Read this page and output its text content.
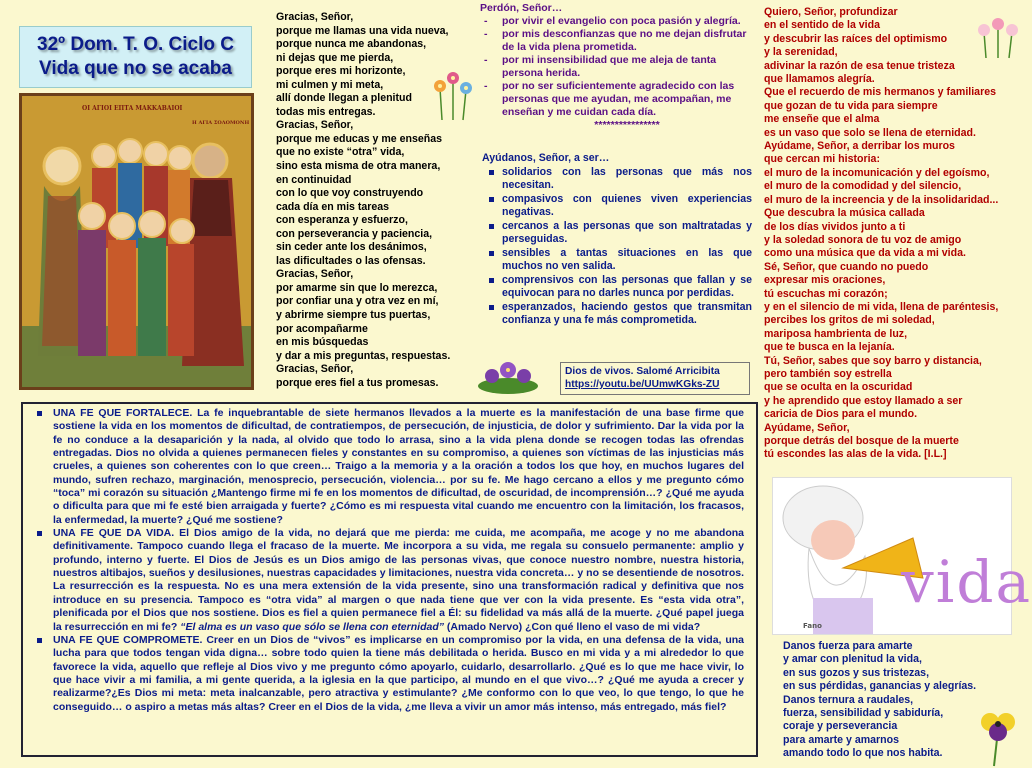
32º Dom. T. O. Ciclo C
Vida que no se acaba
ΟΙ ΑΓΙΟΙ ΕΠΤΑ ΜΑΚΚΑΒΑΙΟΙ
Η ΑΓΙΑ ΣΟΛΟΜΟΝΗ
Gracias, Señor,
porque me llamas una vida nueva,
porque nunca me abandonas,
ni dejas que me pierda,
porque eres mi horizonte,
mi culmen y mi meta,
allí donde llegan a plenitud
todas mis entregas.
Gracias, Señor,
porque me educas y me enseñas
que no existe “otra” vida,
sino esta misma de otra manera,
en continuidad
con lo que voy construyendo
cada día en mis tareas
con esperanza y esfuerzo,
con perseverancia y paciencia,
sin ceder ante los desánimos,
las dificultades o las ofensas.
Gracias, Señor,
por amarme sin que lo merezca,
por confiar una y otra vez en mí,
y abrirme siempre tus puertas,
por acompañarme
en mis búsquedas
y dar a mis preguntas, respuestas.
Gracias, Señor,
porque eres fiel a tus promesas.
Perdón, Señor…
- por vivir el evangelio con poca pasión y alegría.
- por mis desconfianzas que no me dejan disfrutar de la vida plena prometida.
- por mi insensibilidad que me aleja de tanta persona herida.
- por no ser suficientemente agradecido con las personas que me ayudan, me acompañan, me enseñan y me cuidan cada día.
****************
Ayúdanos, Señor, a ser…
solidarios con las personas que más nos necesitan.
compasivos con quienes viven experiencias negativas.
cercanos a las personas que son maltratadas y perseguidas.
sensibles a tantas situaciones en las que muchos no ven salida.
comprensivos con las personas que fallan y se equivocan para no darles nunca por perdidas.
esperanzados, haciendo gestos que transmitan confianza y una fe más comprometida.
Dios de vivos. Salomé Arricibita
https://youtu.be/UUmwKGks-ZU
Quiero, Señor, profundizar
en el sentido de la vida
y descubrir las raíces del optimismo
y la serenidad,
adivinar la razón de esa tenue tristeza
que llamamos alegría.
Que el recuerdo de mis hermanos y familiares
que gozan de tu vida para siempre
me enseñe que el alma
es un vaso que solo se llena de eternidad.
Ayúdame, Señor, a derribar los muros
que cercan mi historia:
el muro de la incomunicación y del egoísmo,
el muro de la comodidad y del silencio,
el muro de la increencia y de la insolidaridad...
Que descubra la música callada
de los días vividos junto a ti
y la soledad sonora de tu voz de amigo
como una música que da vida a mi vida.
Sé, Señor, que cuando no puedo
expresar mis oraciones,
tú escuchas mi corazón;
y en el silencio de mi vida, llena de paréntesis,
percibes los gritos de mi soledad,
mariposa hambrienta de luz,
que te busca en la lejanía.
Tú, Señor, sabes que soy barro y distancia,
pero también soy estrella
que se oculta en la oscuridad
y he aprendido que estoy llamado a ser
caricia de Dios para el mundo.
Ayúdame, Señor,
porque detrás del bosque de la muerte
tú escondes las alas de la vida. [I.L.]
Fano
vida
UNA FE QUE FORTALECE. La fe inquebrantable de siete hermanos llevados a la muerte es la manifestación de una base firme que sostiene la vida en los momentos de dificultad, de contratiempos, de persecución, de injusticia, de dolor y sufrimiento. Dar la vida por la fe no conduce a la desaparición y la nada, al olvido que todo lo arrasa, sino a la vida plena donde se recogen todas las ofrendas entregadas. Dios no olvida a quienes permanecen fieles y constantes en su compromiso, a quienes son víctimas de las injusticias más crueles, a quienes son coherentes con lo que creen… Traigo a la memoria y a la oración a todos los que hoy, en muchos lugares del mundo, sufren rechazo, marginación, menosprecio, persecución, violencia… por su fe. Me hago cercano a ellos y me pregunto cómo “toca” mi corazón su situación ¿Mantengo firme mi fe en los momentos de dificultad, de oscuridad, de incomprensión…? ¿Qué me ayuda o dificulta para que mi fe esté bien arraigada y fuerte? ¿Cómo es mi respuesta vital cuando me encuentro con la limitación, los fracasos, la enfermedad, la muerte? ¿Qué me sostiene?
UNA FE QUE DA VIDA. El Dios amigo de la vida, no dejará que me pierda: me cuida, me acompaña, me acoge y no me abandona definitivamente. Tampoco cuando llega el fracaso de la muerte. Me incorpora a su vida, me regala su consuelo permanente: amplio y profundo, interno y fuerte. El Dios de Jesús es un Dios amigo de las personas vivas, que conoce nuestro nombre, nuestra historia, nuestros altibajos, sueños y desilusiones, nuestras capacidades y limitaciones, nuestra vida concreta… y no se desentiende de nosotros. La resurrección es la respuesta. No es una mera extensión de la vida presente, sino una transformación radical y definitiva que nos introduce en su presencia. Tampoco es “otra vida” al margen o que nada tiene que ver con la vida presente. Es “esta vida otra”, plenificada por el Dios que nos sostiene. Dios es fiel a quien permanece fiel a Él: su fidelidad va más allá de la muerte. ¿Qué papel juega la resurrección en mi fe? “El alma es un vaso que sólo se llena con eternidad” (Amado Nervo) ¿Con qué lleno el vaso de mi vida?
UNA FE QUE COMPROMETE. Creer en un Dios de “vivos” es implicarse en un compromiso por la vida, en una defensa de la vida, una lucha para que todos tengan vida digna… sobre todo quien la tiene más debilitada o herida. Busco en mi vida y a mi alrededor lo que favorece la vida, aquello que refleje al Dios vivo y me pregunto cómo apoyarlo, cuidarlo, desarrollarlo. ¿Qué es lo que me hace vivir, lo que hace vivir a mi familia, a mi gente querida, a la iglesia en la que participo, al mundo en el que vivo…? ¿Qué me ayuda a crecer y realizarme?¿Es Dios mi meta: meta inalcanzable, pero atractiva y estimulante? ¿Me conformo con lo que veo, lo que tengo, lo que he conseguido… o aspiro a metas más altas? Creer en el Dios de la vida, ¿me lleva a vivir un amor más intenso, más entregado, más fiel?
Danos fuerza para amarte
y amar con plenitud la vida,
en sus gozos y sus tristezas,
en sus pérdidas, ganancias y alegrías.
Danos ternura a raudales,
fuerza, sensibilidad y sabiduría,
coraje y perseverancia
para amarte y amarnos
amando todo lo que nos habita.
